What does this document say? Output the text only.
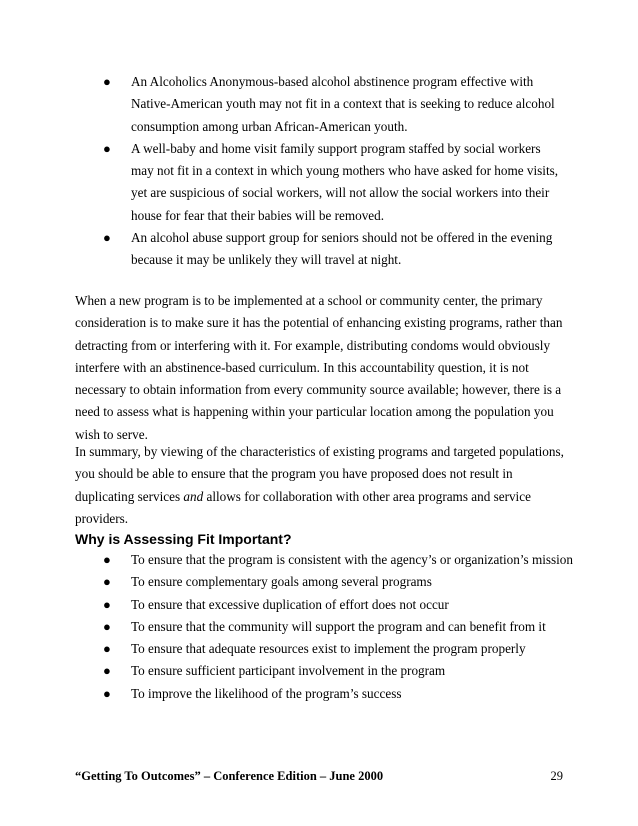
● An Alcoholics Anonymous-based alcohol abstinence program effective with Native-American youth may not fit in a context that is seeking to reduce alcohol consumption among urban African-American youth.
● A well-baby and home visit family support program staffed by social workers may not fit in a context in which young mothers who have asked for home visits, yet are suspicious of social workers, will not allow the social workers into their house for fear that their babies will be removed.
● An alcohol abuse support group for seniors should not be offered in the evening because it may be unlikely they will travel at night.
When a new program is to be implemented at a school or community center, the primary consideration is to make sure it has the potential of enhancing existing programs, rather than detracting from or interfering with it. For example, distributing condoms would obviously interfere with an abstinence-based curriculum. In this accountability question, it is not necessary to obtain information from every community source available; however, there is a need to assess what is happening within your particular location among the population you wish to serve.
In summary, by viewing of the characteristics of existing programs and targeted populations, you should be able to ensure that the program you have proposed does not result in duplicating services and allows for collaboration with other area programs and service providers.
Why is Assessing Fit Important?
● To ensure that the program is consistent with the agency’s or organization’s mission
● To ensure complementary goals among several programs
● To ensure that excessive duplication of effort does not occur
● To ensure that the community will support the program and can benefit from it
● To ensure that adequate resources exist to implement the program properly
● To ensure sufficient participant involvement in the program
● To improve the likelihood of the program’s success
“Getting To Outcomes” – Conference Edition – June 2000	29
